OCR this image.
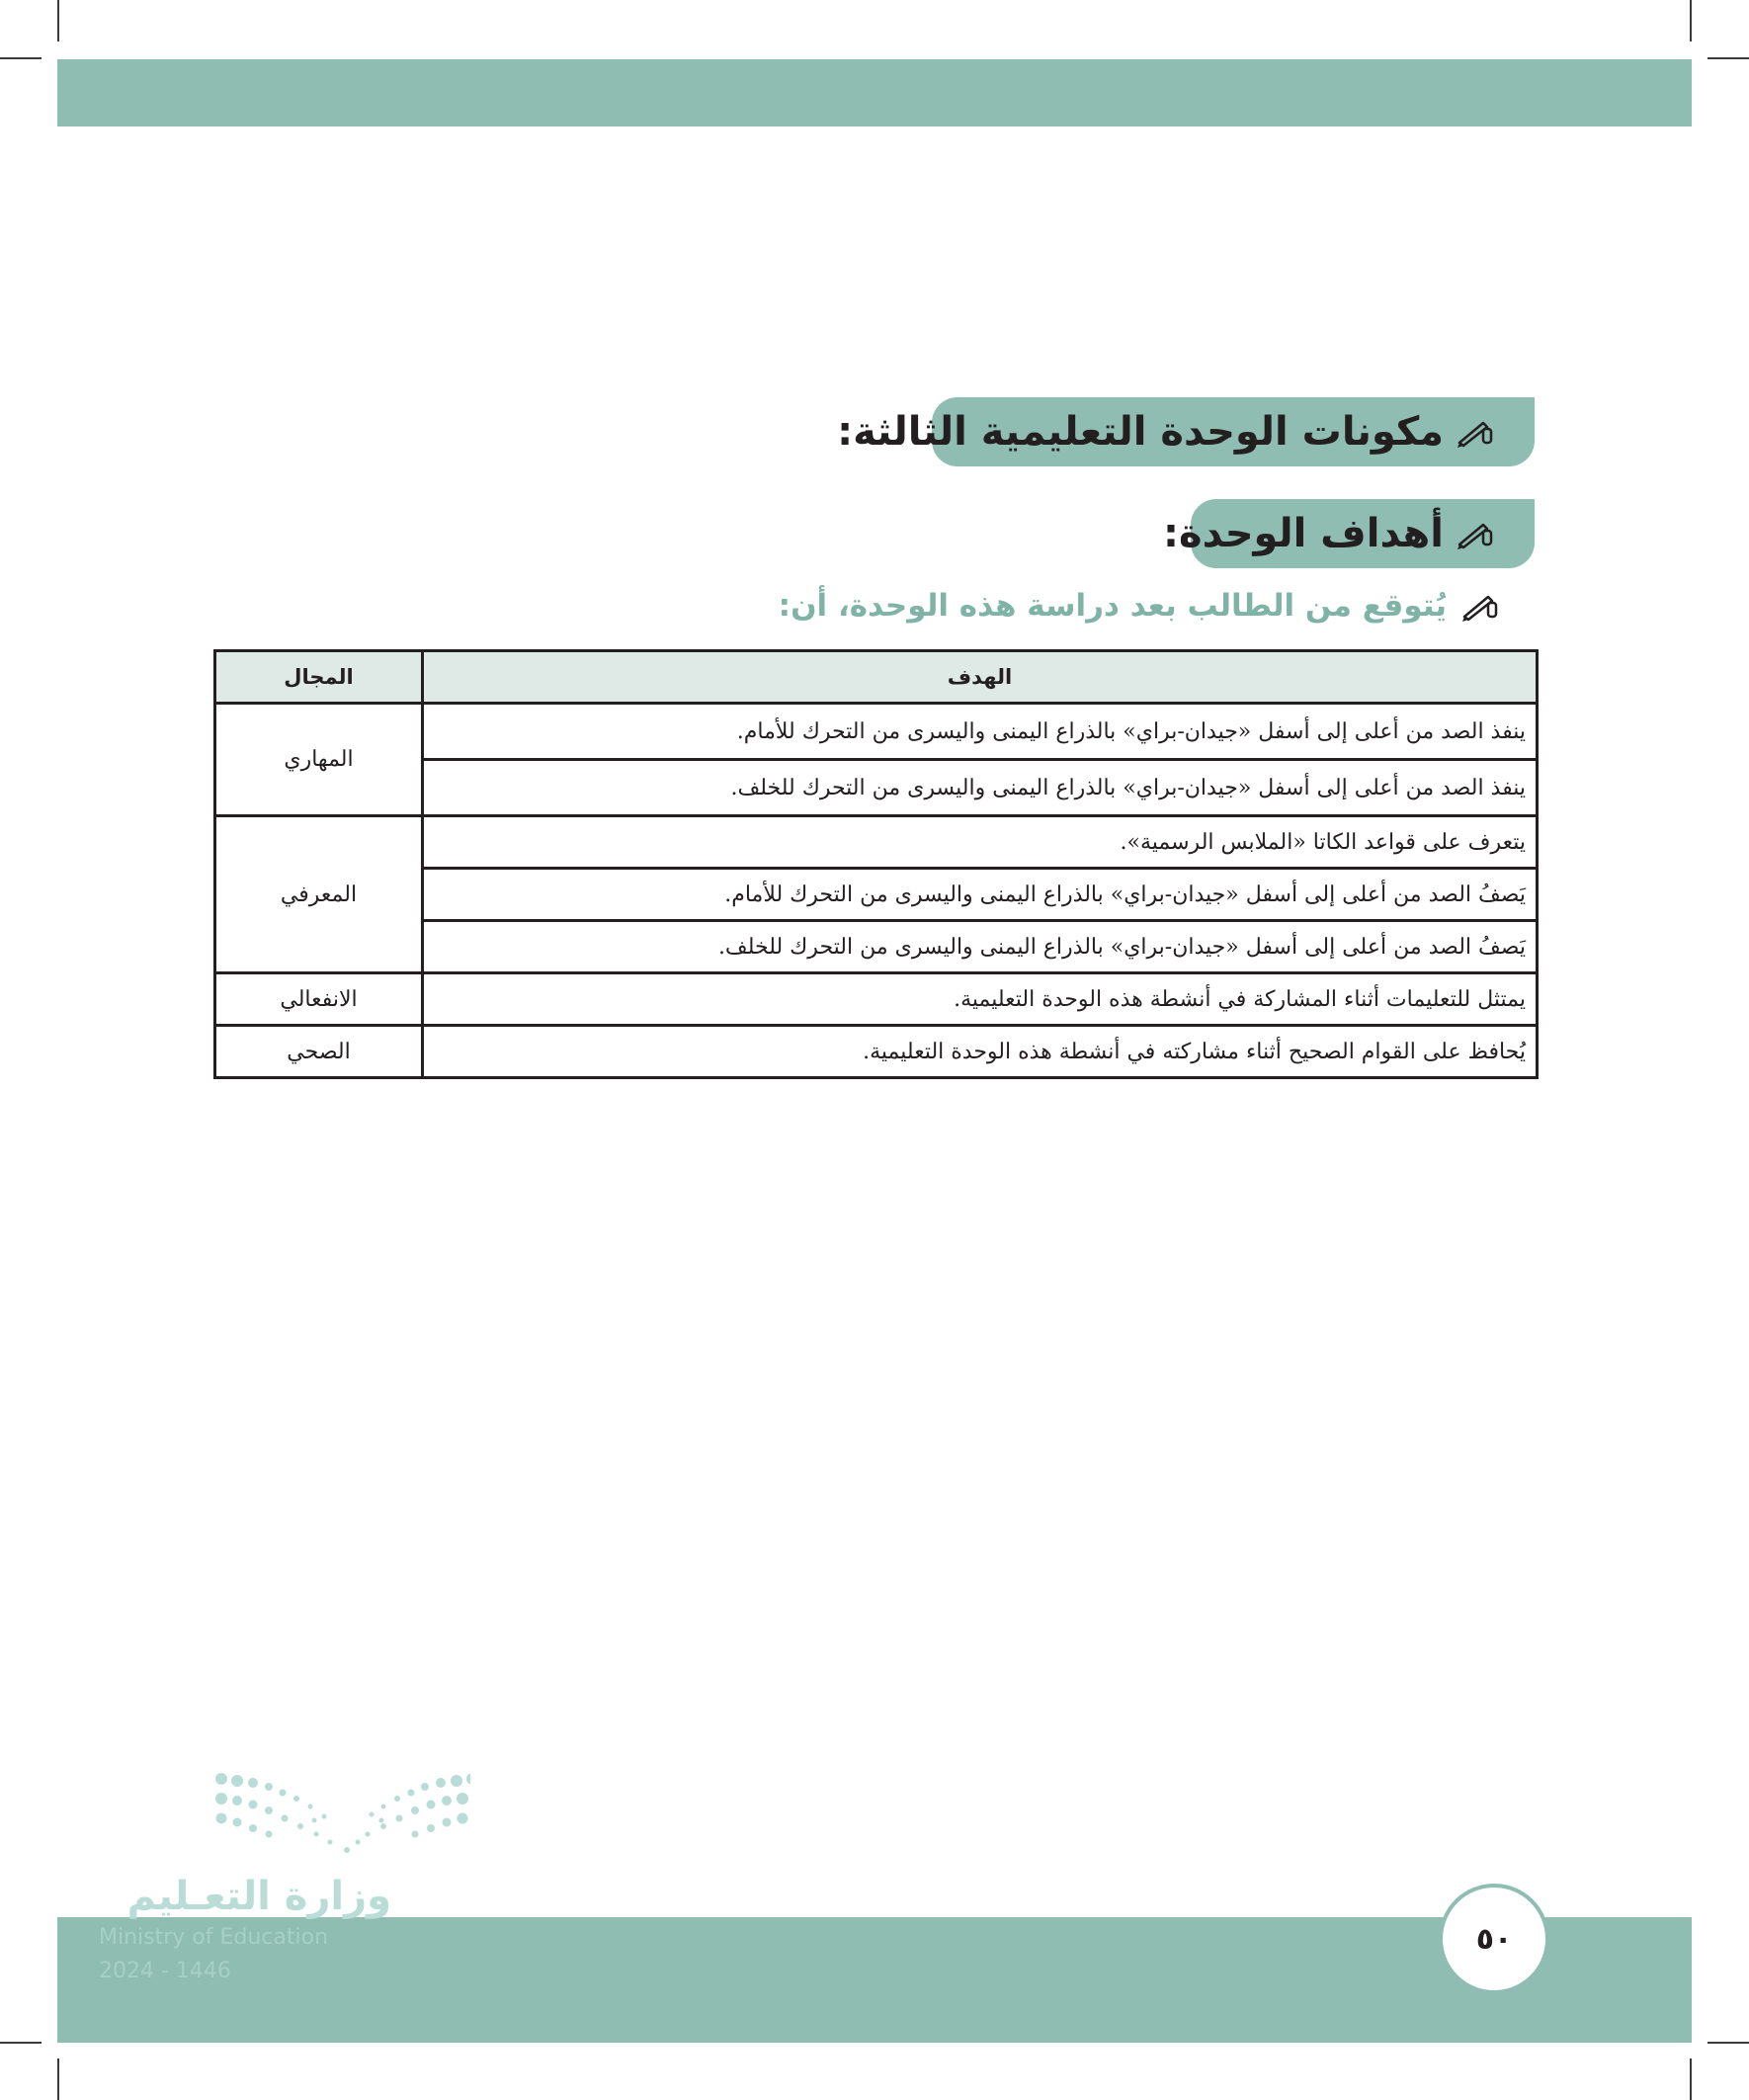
مكونات الوحدة التعليمية الثالثة:
أهداف الوحدة:
يُتوقع من الطالب بعد دراسة هذه الوحدة، أن:
الهدف	المجال
ينفذ الصد من أعلى إلى أسفل «جيدان-براي» بالذراع اليمنى واليسرى من التحرك للأمام.	المهاري
ينفذ الصد من أعلى إلى أسفل «جيدان-براي» بالذراع اليمنى واليسرى من التحرك للخلف.	
يتعرف على قواعد الكاتا «الملابس الرسمية».	المعرفي
يَصفُ الصد من أعلى إلى أسفل «جيدان-براي» بالذراع اليمنى واليسرى من التحرك للأمام.	
يَصفُ الصد من أعلى إلى أسفل «جيدان-براي» بالذراع اليمنى واليسرى من التحرك للخلف.	
يمتثل للتعليمات أثناء المشاركة في أنشطة هذه الوحدة التعليمية.	الانفعالي
يُحافظ على القوام الصحيح أثناء مشاركته في أنشطة هذه الوحدة التعليمية.	الصحي
وزارة التعـليم
Ministry of Education
2024 - 1446
٥٠
